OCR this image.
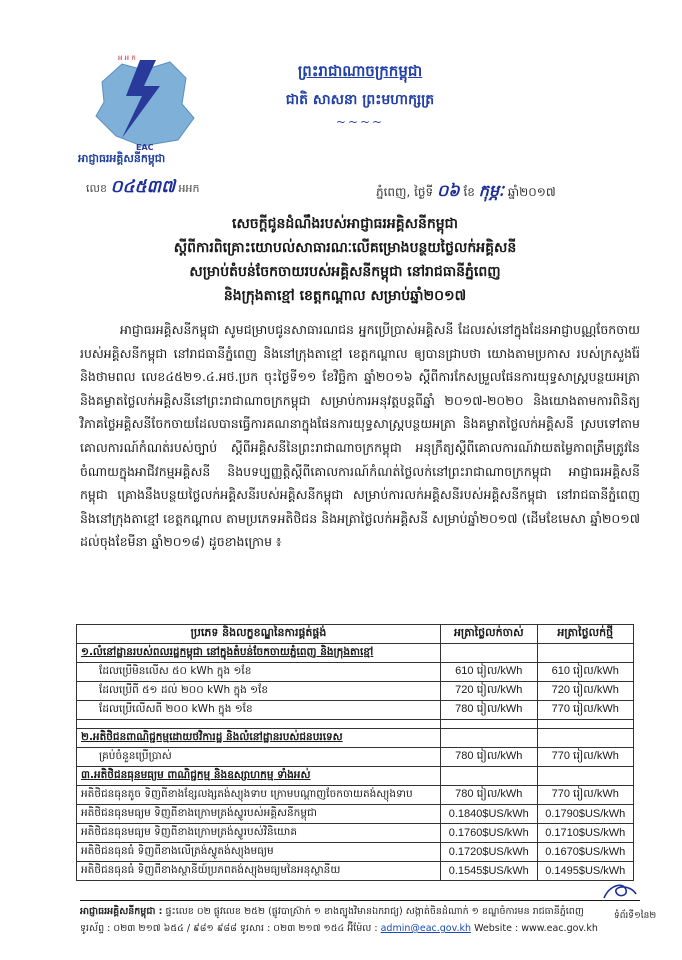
អ អ ក
EAC
អាជ្ញាធរអគ្គិសនីកម្ពុជា
លេខ ០៤៥៣៧ អអក
ព្រះរាជាណាចក្រកម្ពុជា
ជាតិ សាសនា ព្រះមហាក្សត្រ
~~~~
ភ្នំពេញ, ថ្ងៃទី ០៦ ខែ កុម្ភៈ ឆ្នាំ២០១៧
សេចក្តីជូនដំណឹងរបស់អាជ្ញាធរអគ្គិសនីកម្ពុជា
ស្តីពីការពិគ្រោះយោបល់សាធារណៈលើគម្រោងបន្ថយថ្លៃលក់អគ្គិសនី
សម្រាប់តំបន់ចែកចាយរបស់អគ្គិសនីកម្ពុជា នៅរាជធានីភ្នំពេញ
និងក្រុងតាខ្មៅ ខេត្តកណ្តាល សម្រាប់ឆ្នាំ២០១៧
អាជ្ញាធរអគ្គិសនីកម្ពុជា សូមជម្រាបជូនសាធារណជន អ្នកប្រើប្រាស់អគ្គិសនី ដែលរស់នៅក្នុងដែនអាជ្ញាបណ្ណចែកចាយរបស់អគ្គិសនីកម្ពុជា នៅរាជធានីភ្នំពេញ និងនៅក្រុងតាខ្មៅ ខេត្តកណ្តាល ឲ្យបានជ្រាបថា យោងតាមប្រកាស របស់ក្រសួងរ៉ែ និងថាមពល លេខ៤៥២១.៤.អថ.ប្រក ចុះថ្ងៃទី១១ ខែវិច្ឆិកា ឆ្នាំ២០១៦ ស្តីពីការកែសម្រួលផែនការយុទ្ធសាស្ត្របន្ថយអត្រា និងគម្លាតថ្លៃលក់អគ្គិសនីនៅព្រះរាជាណាចក្រកម្ពុជា សម្រាប់ការអនុវត្តបន្តពីឆ្នាំ ២០១៧-២០២០ និងយោងតាមការពិនិត្យវិភាគថ្លៃអគ្គិសនីចែកចាយដែលបានធ្វើការគណនាក្នុងផែនការយុទ្ធសាស្ត្របន្ថយអត្រា និងគម្លាតថ្លៃលក់អគ្គិសនី ស្របទៅតាមគោលការណ៍កំណត់របស់ច្បាប់ ស្តីពីអគ្គិសនីនៃព្រះរាជាណាចក្រកម្ពុជា អនុក្រឹត្យស្តីពីគោលការណ៍វាយតម្លៃភាពត្រឹមត្រូវនៃចំណាយក្នុងអាជីវកម្មអគ្គិសនី និងបទប្បញ្ញត្តិស្តីពីគោលការណ៍កំណត់ថ្លៃលក់នៅព្រះរាជាណាចក្រកម្ពុជា អាជ្ញាធរអគ្គិសនីកម្ពុជា គ្រោងនឹងបន្ថយថ្លៃលក់អគ្គិសនីរបស់អគ្គិសនីកម្ពុជា សម្រាប់ការលក់អគ្គិសនីរបស់អគ្គិសនីកម្ពុជា នៅរាជធានីភ្នំពេញ និងនៅក្រុងតាខ្មៅ ខេត្តកណ្តាល តាមប្រភេទអតិថិជន និងអត្រាថ្លៃលក់អគ្គិសនី សម្រាប់ឆ្នាំ២០១៧ (ដើមខែមេសា ឆ្នាំ២០១៧ ដល់ចុងខែមីនា ឆ្នាំ២០១៨) ដូចខាងក្រោម ៖
ប្រភេទ និងលក្ខខណ្ឌនៃការផ្គត់ផ្គង់	អត្រាថ្លៃលក់ចាស់	អត្រាថ្លៃលក់ថ្មី
១.លំនៅដ្ឋានរបស់ពលរដ្ឋកម្ពុជា នៅក្នុងតំបន់ចែកចាយភ្នំពេញ និងក្រុងតាខ្មៅ		
ដែលប្រើមិនលើស ៥០ kWh ក្នុង ១ខែ	610 រៀល/kWh	610 រៀល/kWh
ដែលប្រើពី ៥១ ដល់ ២០០ kWh ក្នុង ១ខែ	720 រៀល/kWh	720 រៀល/kWh
ដែលប្រើលើសពី ២០០ kWh ក្នុង ១ខែ	780 រៀល/kWh	770 រៀល/kWh

២.អតិថិជនពាណិជ្ជកម្មដោយថវិការដ្ឋ និងលំនៅដ្ឋានរបស់ជនបរទេស		
គ្រប់ចំនួនប្រើប្រាស់	780 រៀល/kWh	770 រៀល/kWh
៣.អតិថិជនធុនមធ្យម ពាណិជ្ជកម្ម និងឧស្សាហកម្ម ទាំងអស់		
អតិថិជនធុនតូច ទិញពីខាងខ្សែលង្សតង់ស្យុងទាប ក្រោមបណ្តាញចែកចាយតង់ស្យុងទាប	780 រៀល/kWh	770 រៀល/kWh
អតិថិជនធុនមធ្យម ទិញពីខាងក្រោមត្រង់ស្វូរបស់អគ្គិសនីកម្ពុជា	0.1840$US/kWh	0.1790$US/kWh
អតិថិជនធុនមធ្យម ទិញពីខាងក្រោមត្រង់ស្វូរបស់វិនិយោគ	0.1760$US/kWh	0.1710$US/kWh
អតិថិជនធុនធំ ទិញពីខាងលើត្រង់ស្វូតង់ស្យុងមធ្យម	0.1720$US/kWh	0.1670$US/kWh
អតិថិជនធុនធំ ទិញពីខាងស្ថានីយ៍ប្រភពតង់ស្យុងមធ្យមនៃអនុស្ថានីយ	0.1545$US/kWh	0.1495$US/kWh
អាជ្ញាធរអគ្គិសនីកម្ពុជា : ផ្ទះលេខ ០២ ផ្លូវលេខ ២៥២ (ផ្លូវបាស្រ៊ាក់ ១ ខាងត្បូងវិមានឯករាជ្យ) សង្កាត់ចិនដំណាក់ ១ ខណ្ឌចំការមន រាជធានីភ្នំពេញ
ទូរស័ព្ទ : ០២៣ ២១៧ ៦៥៤ / ៩៨១ ៩៨៨ ទូរសារ : ០២៣ ២១៧ ១៥៤ អ៊ីម៉ែល : admin@eac.gov.kh Website : www.eac.gov.kh
ទំព័រទី១នៃ២
